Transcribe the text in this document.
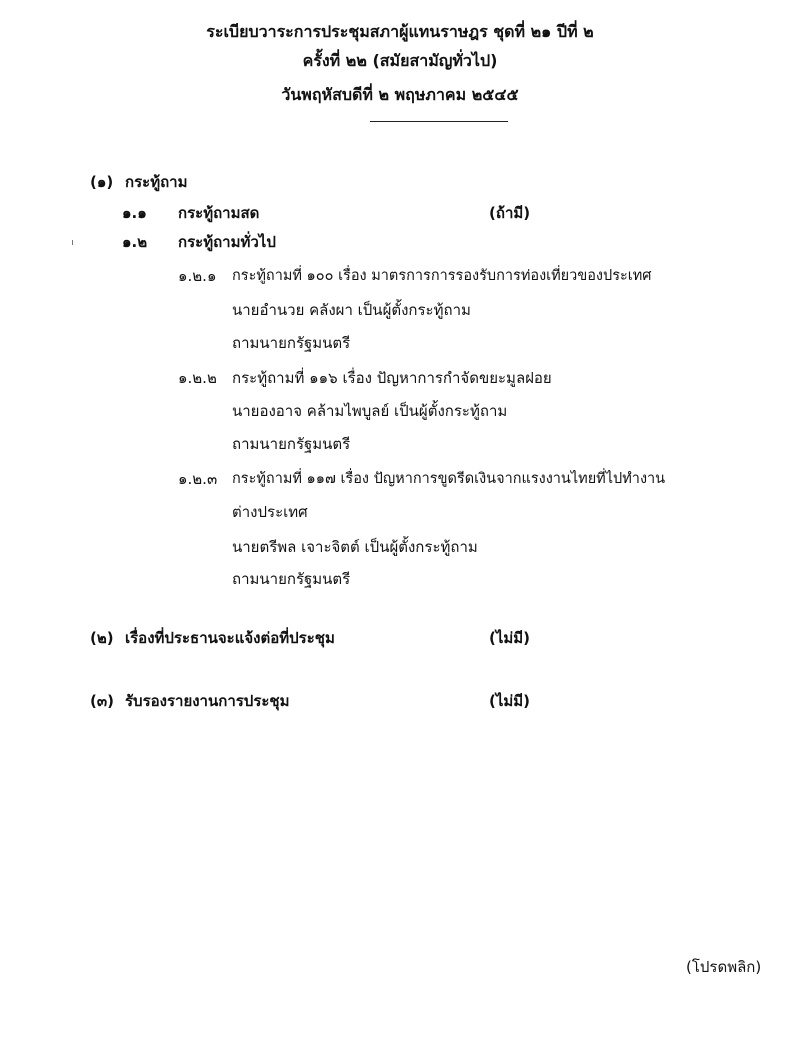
ระเบียบวาระการประชุมสภาผู้แทนราษฎร ชุดที่ ๒๑ ปีที่ ๒
ครั้งที่ ๒๒ (สมัยสามัญทั่วไป)
วันพฤหัสบดีที่ ๒ พฤษภาคม ๒๕๔๕
(๑) กระทู้ถาม
๑.๑ กระทู้ถามสด	(ถ้ามี)
๑.๒ กระทู้ถามทั่วไป
๑.๒.๑ กระทู้ถามที่ ๑๐๐ เรื่อง มาตรการการรองรับการท่องเที่ยวของประเทศ
นายอำนวย คลังผา เป็นผู้ตั้งกระทู้ถาม
ถามนายกรัฐมนตรี
๑.๒.๒ กระทู้ถามที่ ๑๑๖ เรื่อง ปัญหาการกำจัดขยะมูลฝอย
นายองอาจ คล้ามไพบูลย์ เป็นผู้ตั้งกระทู้ถาม
ถามนายกรัฐมนตรี
๑.๒.๓ กระทู้ถามที่ ๑๑๗ เรื่อง ปัญหาการขูดรีดเงินจากแรงงานไทยที่ไปทำงาน
ต่างประเทศ
นายตรีพล เจาะจิตต์ เป็นผู้ตั้งกระทู้ถาม
ถามนายกรัฐมนตรี
(๒) เรื่องที่ประธานจะแจ้งต่อที่ประชุม	(ไม่มี)
(๓) รับรองรายงานการประชุม	(ไม่มี)
(โปรดพลิก)
